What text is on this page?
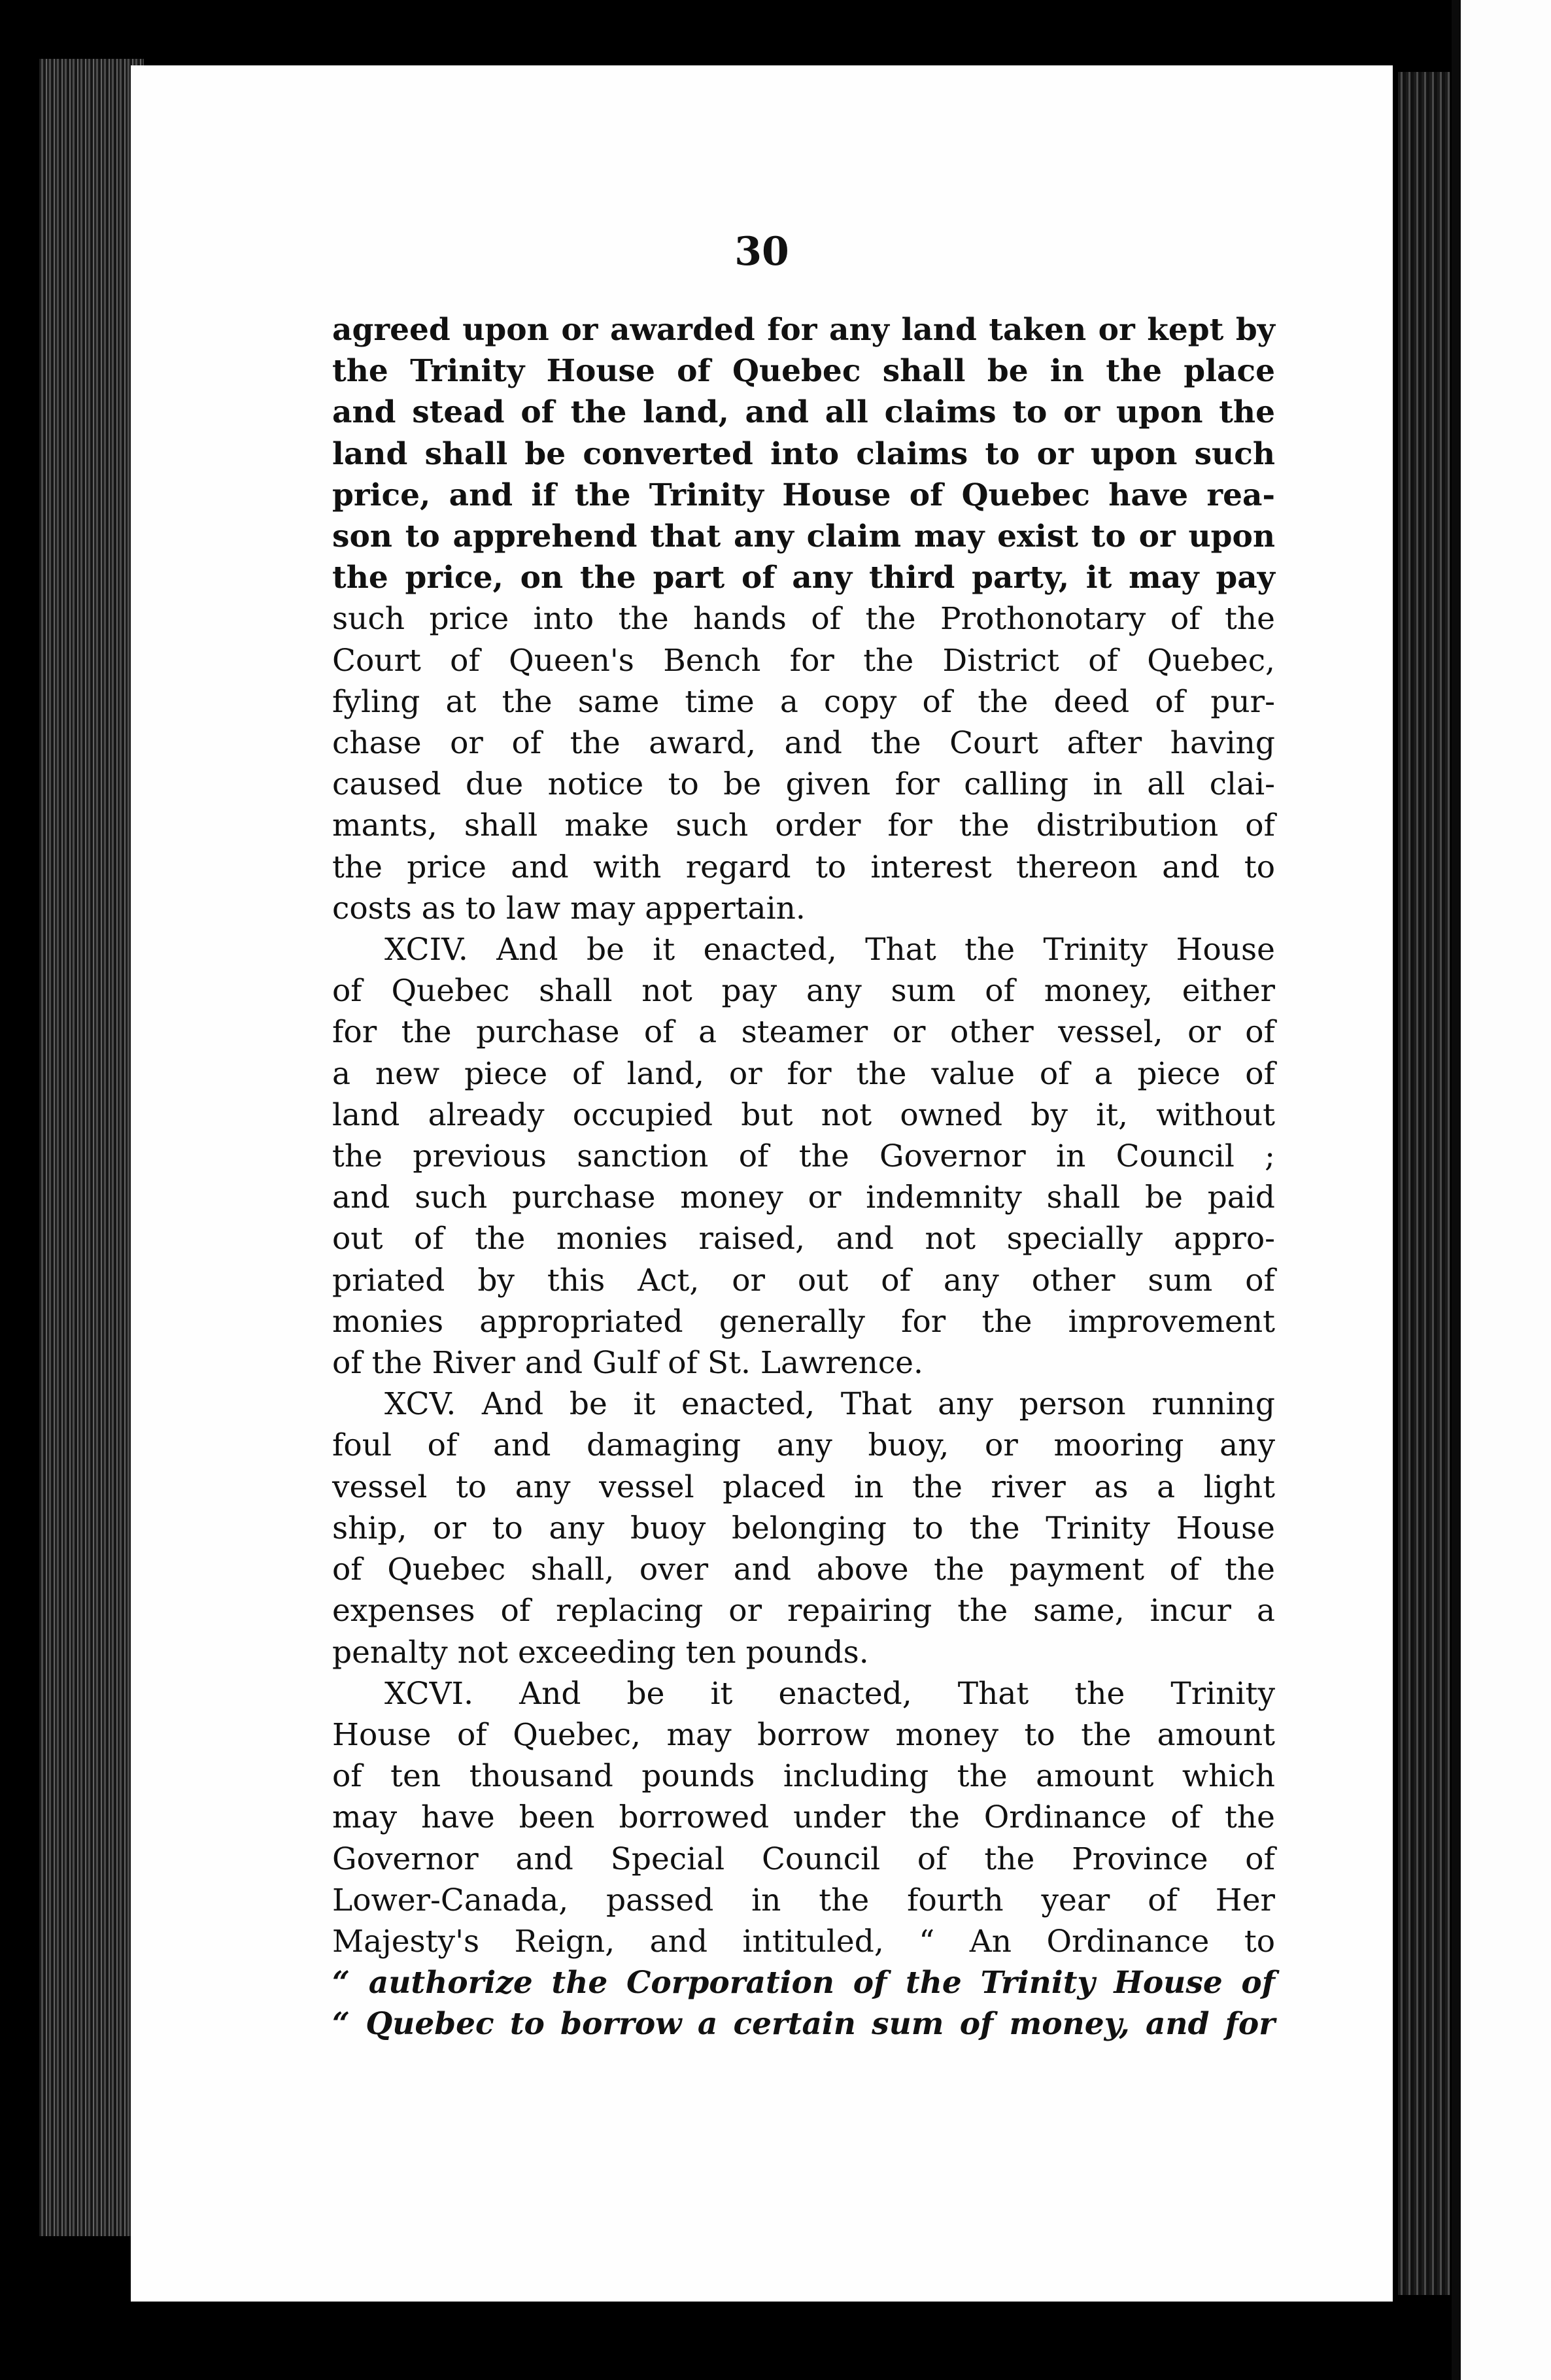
30
agreed upon or awarded for any land taken or kept by
the Trinity House of Quebec shall be in the place
and stead of the land, and all claims to or upon the
land shall be converted into claims to or upon such
price, and if the Trinity House of Quebec have rea-
son to apprehend that any claim may exist to or upon
the price, on the part of any third party, it may pay
such price into the hands of the Prothonotary of the
Court of Queen's Bench for the District of Quebec,
fyling at the same time a copy of the deed of pur-
chase or of the award, and the Court after having
caused due notice to be given for calling in all clai-
mants, shall make such order for the distribution of
the price and with regard to interest thereon and to
costs as to law may appertain.
XCIV. And be it enacted, That the Trinity House
of Quebec shall not pay any sum of money, either
for the purchase of a steamer or other vessel, or of
a new piece of land, or for the value of a piece of
land already occupied but not owned by it, without
the previous sanction of the Governor in Council ;
and such purchase money or indemnity shall be paid
out of the monies raised, and not specially appro-
priated by this Act, or out of any other sum of
monies appropriated generally for the improvement
of the River and Gulf of St. Lawrence.
XCV. And be it enacted, That any person running
foul of and damaging any buoy, or mooring any
vessel to any vessel placed in the river as a light
ship, or to any buoy belonging to the Trinity House
of Quebec shall, over and above the payment of the
expenses of replacing or repairing the same, incur a
penalty not exceeding ten pounds.
XCVI. And be it enacted, That the Trinity
House of Quebec, may borrow money to the amount
of ten thousand pounds including the amount which
may have been borrowed under the Ordinance of the
Governor and Special Council of the Province of
Lower-Canada, passed in the fourth year of Her
Majesty's Reign, and intituled, “ An Ordinance to
“ authorize the Corporation of the Trinity House of
“ Quebec to borrow a certain sum of money, and for
